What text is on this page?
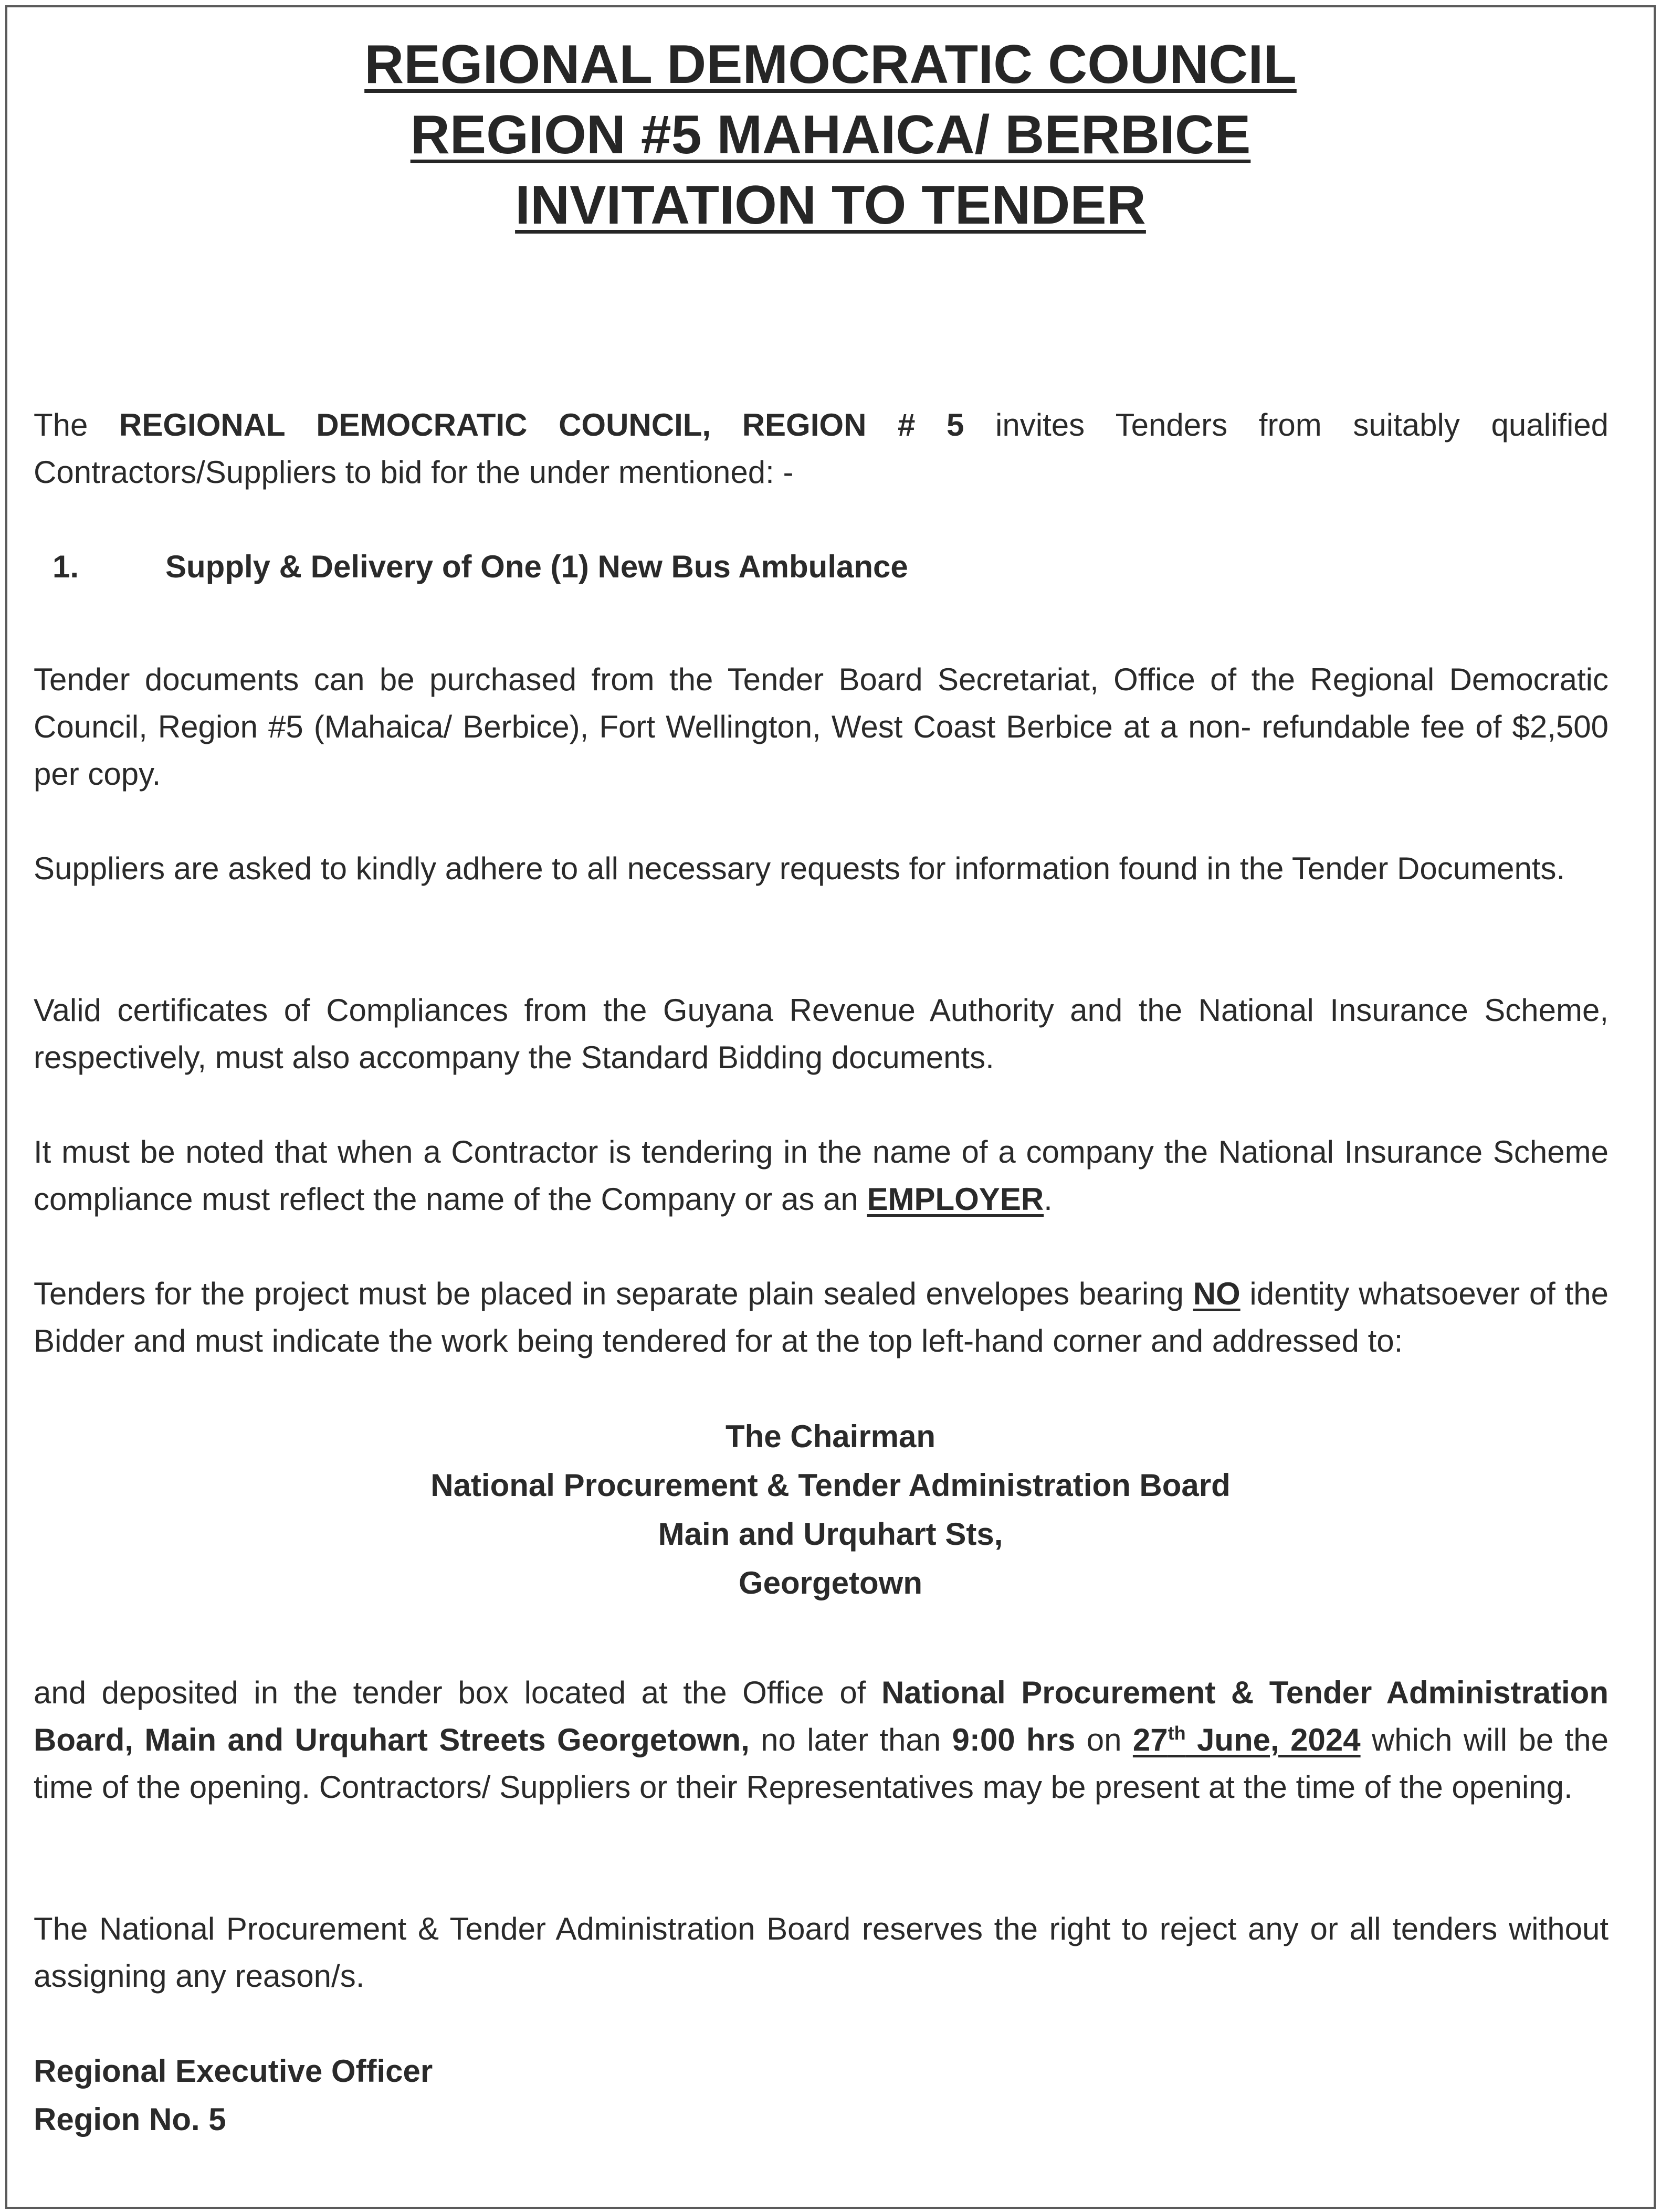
REGIONAL DEMOCRATIC COUNCIL
REGION #5 MAHAICA/ BERBICE
INVITATION TO TENDER
The REGIONAL DEMOCRATIC COUNCIL, REGION # 5 invites Tenders from suitably qualified Contractors/Suppliers to bid for the under mentioned: -
1.	Supply & Delivery of One (1) New Bus Ambulance
Tender documents can be purchased from the Tender Board Secretariat, Office of the Regional Democratic Council, Region #5 (Mahaica/ Berbice), Fort Wellington, West Coast Berbice at a non- refundable fee of $2,500 per copy.
Suppliers are asked to kindly adhere to all necessary requests for information found in the Tender Documents.
Valid certificates of Compliances from the Guyana Revenue Authority and the National Insurance Scheme, respectively, must also accompany the Standard Bidding documents.
It must be noted that when a Contractor is tendering in the name of a company the National Insurance Scheme compliance must reflect the name of the Company or as an EMPLOYER.
Tenders for the project must be placed in separate plain sealed envelopes bearing NO identity whatsoever of the Bidder and must indicate the work being tendered for at the top left-hand corner and addressed to:
The Chairman
National Procurement & Tender Administration Board
Main and Urquhart Sts,
Georgetown
and deposited in the tender box located at the Office of National Procurement & Tender Administration Board, Main and Urquhart Streets Georgetown, no later than 9:00 hrs on 27th June, 2024 which will be the time of the opening. Contractors/ Suppliers or their Representatives may be present at the time of the opening.
The National Procurement & Tender Administration Board reserves the right to reject any or all tenders without assigning any reason/s.
Regional Executive Officer
Region No. 5
